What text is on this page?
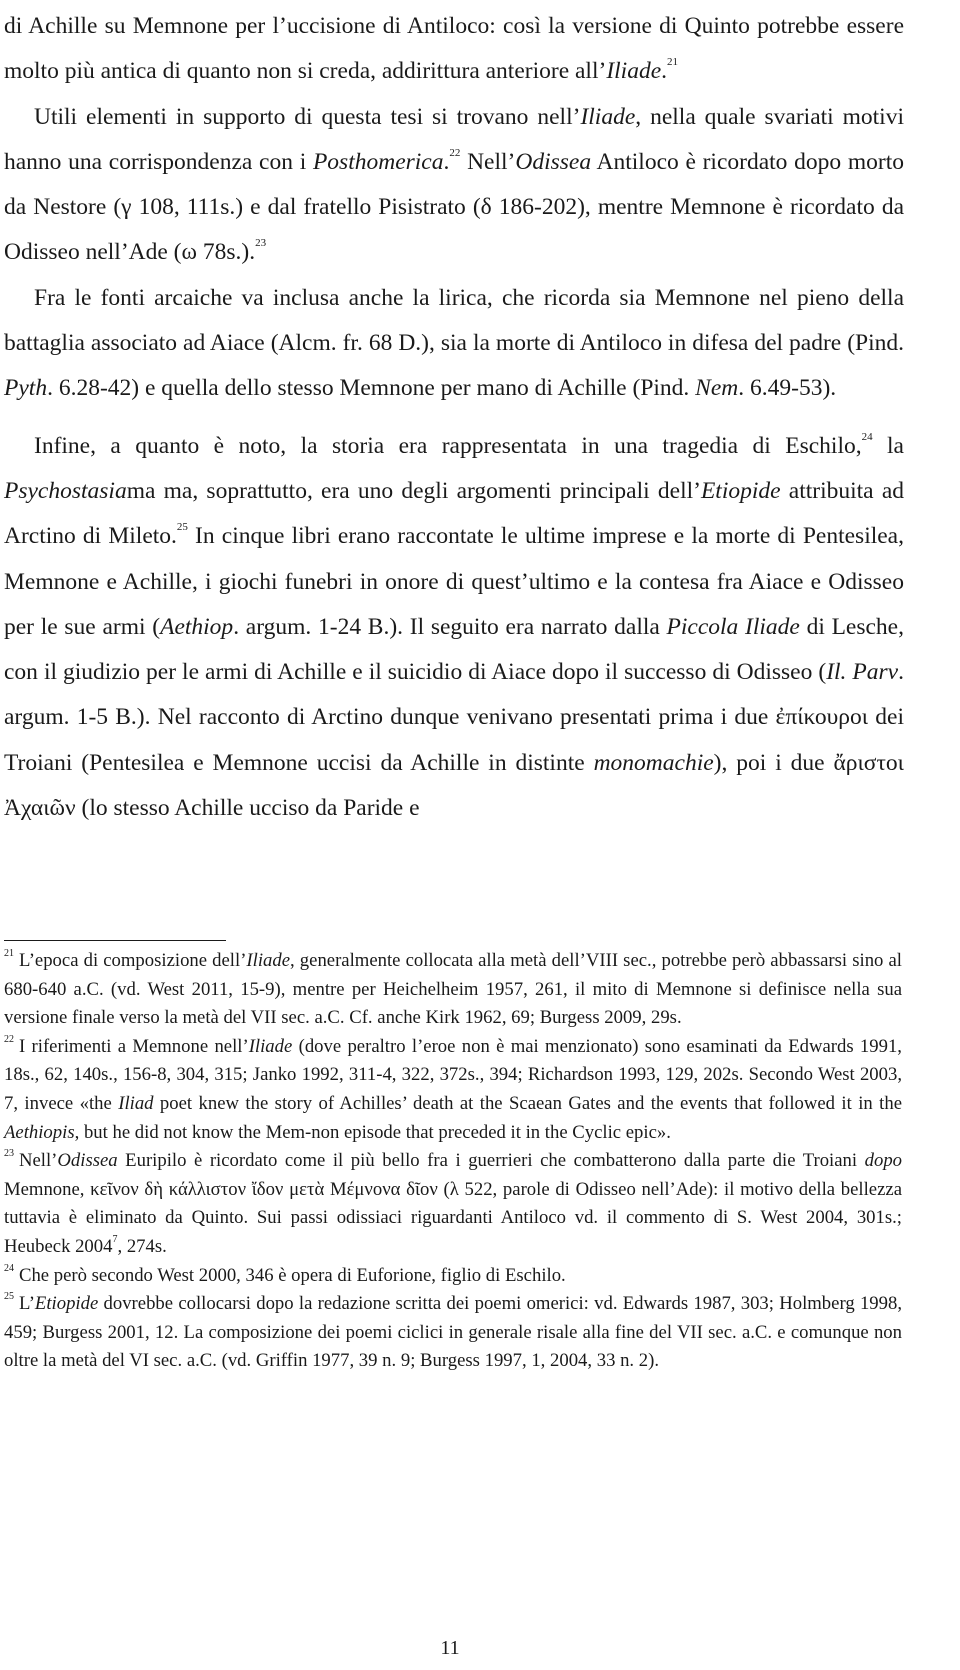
di Achille su Memnone per l’uccisione di Antiloco: così la versione di Quinto potrebbe essere molto più antica di quanto non si creda, addirittura anteriore all’Iliade.$^{21}$

Utili elementi in supporto di questa tesi si trovano nell’Iliade, nella quale svariati motivi hanno una corrispondenza con i Posthomerica.$^{22}$ Nell’Odissea Antiloco è ricordato dopo morto da Nestore (γ 108, 111s.) e dal fratello Pisistrato (δ 186-202), mentre Memnone è ricordato da Odisseo nell’Ade (ω 78s.).$^{23}$

Fra le fonti arcaiche va inclusa anche la lirica, che ricorda sia Memnone nel pieno della battaglia associato ad Aiace (Alcm. fr. 68 D.), sia la morte di Antiloco in difesa del padre (Pind. Pyth. 6.28-42) e quella dello stesso Memnone per mano di Achille (Pind. Nem. 6.49-53).

Infine, a quanto è noto, la storia era rappresentata in una tragedia di Eschilo,$^{24}$ la Psychostasiama ma, soprattutto, era uno degli argomenti principali dell’Etiopide attribuita ad Arctino di Mileto.$^{25}$ In cinque libri erano raccontate le ultime imprese e la morte di Pentesilea, Memnone e Achille, i giochi funebri in onore di quest’ultimo e la contesa fra Aiace e Odisseo per le sue armi (Aethiop. argum. 1-24 B.). Il seguito era narrato dalla Piccola Iliade di Lesche, con il giudizio per le armi di Achille e il suicidio di Aiace dopo il successo di Odisseo (Il. Parv. argum. 1-5 B.). Nel racconto di Arctino dunque venivano presentati prima i due ἐπίκουροι dei Troiani (Pentesilea e Memnone uccisi da Achille in distinte monomachie), poi i due ἄριστοι Ἀχαιῶν (lo stesso Achille ucciso da Paride e

$^{21}$ L’epoca di composizione dell’Iliade, generalmente collocata alla metà dell’VIII sec., potrebbe però abbassarsi sino al 680-640 a.C. (vd. West 2011, 15-9), mentre per Heichelheim 1957, 261, il mito di Memnone si definisce nella sua versione finale verso la metà del VII sec. a.C. Cf. anche Kirk 1962, 69; Burgess 2009, 29s.

$^{22}$ I riferimenti a Memnone nell’Iliade (dove peraltro l’eroe non è mai menzionato) sono esaminati da Edwards 1991, 18s., 62, 140s., 156-8, 304, 315; Janko 1992, 311-4, 322, 372s., 394; Richardson 1993, 129, 202s. Secondo West 2003, 7, invece «the Iliad poet knew the story of Achilles’ death at the Scaean Gates and the events that followed it in the Aethiopis, but he did not know the Mem-non episode that preceded it in the Cyclic epic».

$^{23}$ Nell’Odissea Euripilo è ricordato come il più bello fra i guerrieri che combatterono dalla parte die Troiani dopo Memnone, κεῖνον δὴ κάλλιστον ἴδον μετὰ Μέμνονα δῖον (λ 522, parole di Odisseo nell’Ade): il motivo della bellezza tuttavia è eliminato da Quinto. Sui passi odissiaci riguardanti Antiloco vd. il commento di S. West 2004, 301s.; Heubeck 2004$^7$, 274s.

$^{24}$ Che però secondo West 2000, 346 è opera di Euforione, figlio di Eschilo.

$^{25}$ L’Etiopide dovrebbe collocarsi dopo la redazione scritta dei poemi omerici: vd. Edwards 1987, 303; Holmberg 1998, 459; Burgess 2001, 12. La composizione dei poemi ciclici in generale risale alla fine del VII sec. a.C. e comunque non oltre la metà del VI sec. a.C. (vd. Griffin 1977, 39 n. 9; Burgess 1997, 1, 2004, 33 n. 2).

11
